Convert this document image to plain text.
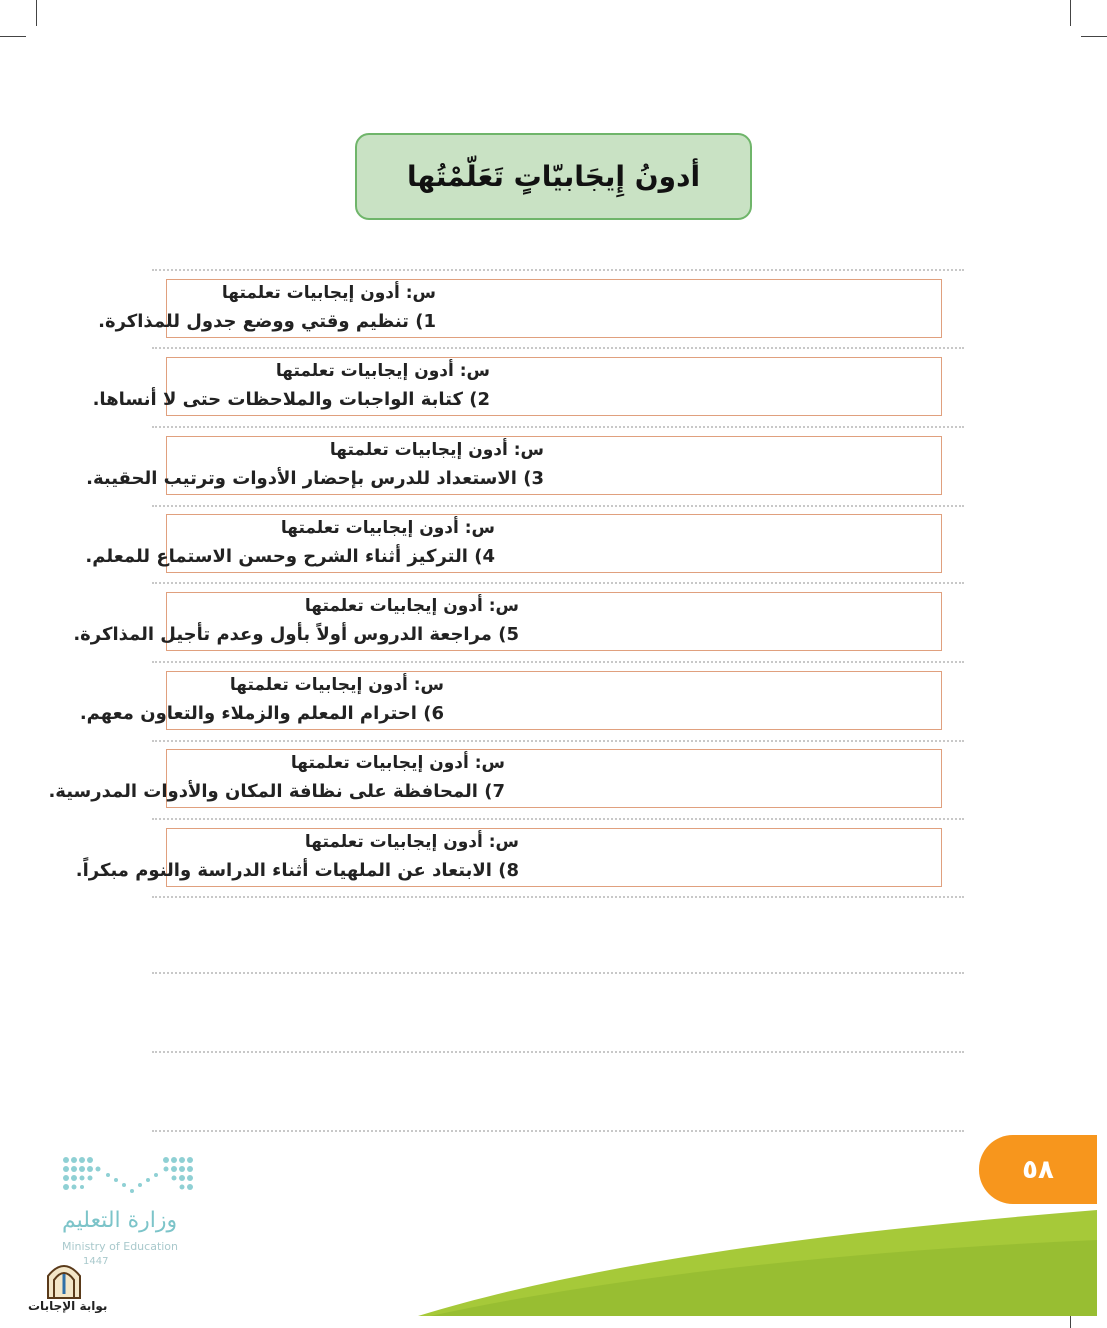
أدونُ إِيجَابيّاتٍ تَعَلّمْتُها
س: أدون إيجابيات تعلمتها
1) تنظيم وقتي ووضع جدول للمذاكرة.
س: أدون إيجابيات تعلمتها
2) كتابة الواجبات والملاحظات حتى لا أنساها.
س: أدون إيجابيات تعلمتها
3) الاستعداد للدرس بإحضار الأدوات وترتيب الحقيبة.
س: أدون إيجابيات تعلمتها
4) التركيز أثناء الشرح وحسن الاستماع للمعلم.
س: أدون إيجابيات تعلمتها
5) مراجعة الدروس أولاً بأول وعدم تأجيل المذاكرة.
س: أدون إيجابيات تعلمتها
6) احترام المعلم والزملاء والتعاون معهم.
س: أدون إيجابيات تعلمتها
7) المحافظة على نظافة المكان والأدوات المدرسية.
س: أدون إيجابيات تعلمتها
8) الابتعاد عن الملهيات أثناء الدراسة والنوم مبكراً.
٥٨
وزارة التعليم
Ministry of Education
1447
بوابة الإجابات
